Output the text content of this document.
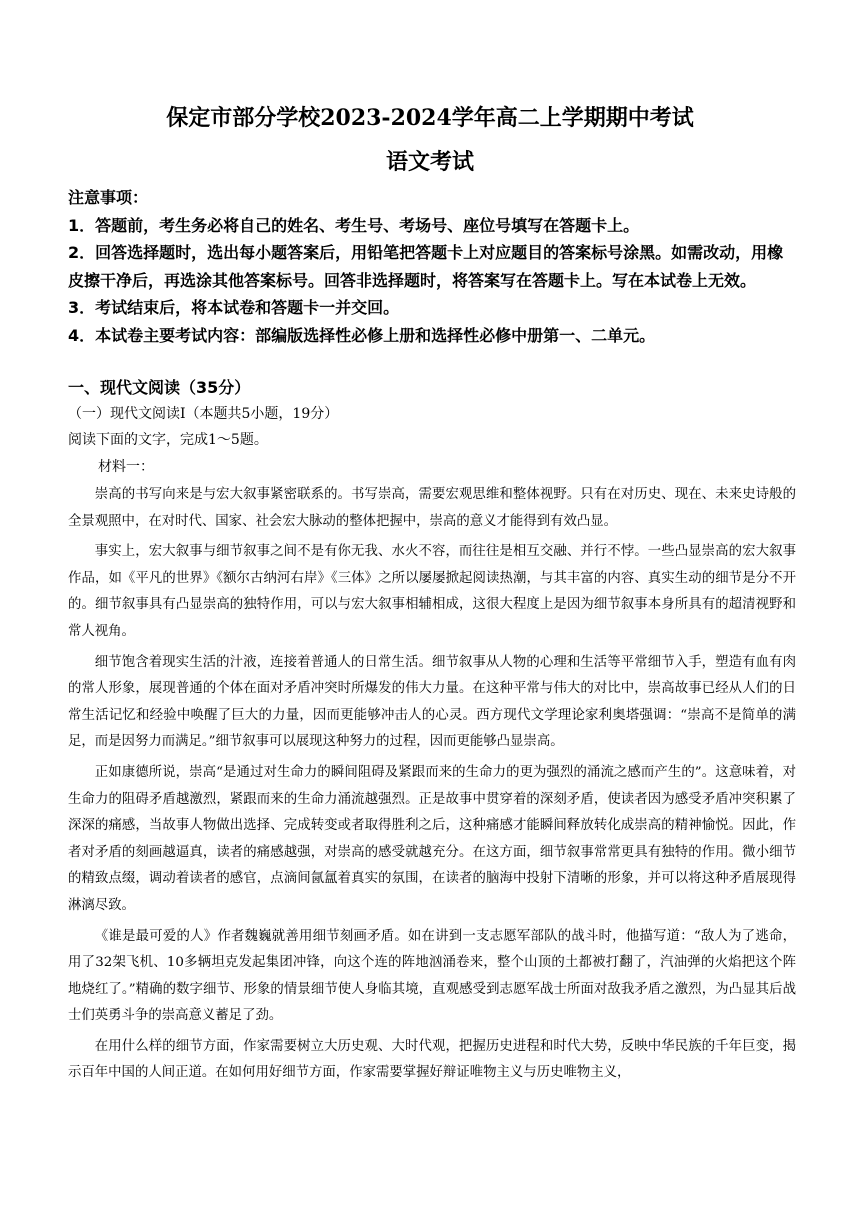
保定市部分学校2023-2024学年高二上学期期中考试
语文考试

注意事项：

1．答题前，考生务必将自己的姓名、考生号、考场号、座位号填写在答题卡上。

2．回答选择题时，选出每小题答案后，用铅笔把答题卡上对应题目的答案标号涂黑。如需改动，用橡皮擦干净后，再选涂其他答案标号。回答非选择题时，将答案写在答题卡上。写在本试卷上无效。

3．考试结束后，将本试卷和答题卡一并交回。

4．本试卷主要考试内容：部编版选择性必修上册和选择性必修中册第一、二单元。

一、现代文阅读（35分）

（一）现代文阅读I（本题共5小题，19分）

阅读下面的文字，完成1～5题。

材料一：

崇高的书写向来是与宏大叙事紧密联系的。书写崇高，需要宏观思维和整体视野。只有在对历史、现在、未来史诗般的全景观照中，在对时代、国家、社会宏大脉动的整体把握中，崇高的意义才能得到有效凸显。

事实上，宏大叙事与细节叙事之间不是有你无我、水火不容，而往往是相互交融、并行不悖。一些凸显崇高的宏大叙事作品，如《平凡的世界》《额尔古纳河右岸》《三体》之所以屡屡掀起阅读热潮，与其丰富的内容、真实生动的细节是分不开的。细节叙事具有凸显崇高的独特作用，可以与宏大叙事相辅相成，这很大程度上是因为细节叙事本身所具有的超清视野和常人视角。

细节饱含着现实生活的汁液，连接着普通人的日常生活。细节叙事从人物的心理和生活等平常细节入手，塑造有血有肉的常人形象，展现普通的个体在面对矛盾冲突时所爆发的伟大力量。在这种平常与伟大的对比中，崇高故事已经从人们的日常生活记忆和经验中唤醒了巨大的力量，因而更能够冲击人的心灵。西方现代文学理论家利奥塔强调：“崇高不是简单的满足，而是因努力而满足。”细节叙事可以展现这种努力的过程，因而更能够凸显崇高。

正如康德所说，崇高“是通过对生命力的瞬间阻碍及紧跟而来的生命力的更为强烈的涌流之感而产生的”。这意味着，对生命力的阻碍矛盾越激烈，紧跟而来的生命力涌流越强烈。正是故事中贯穿着的深刻矛盾，使读者因为感受矛盾冲突积累了深深的痛感，当故事人物做出选择、完成转变或者取得胜利之后，这种痛感才能瞬间释放转化成崇高的精神愉悦。因此，作者对矛盾的刻画越逼真，读者的痛感越强，对崇高的感受就越充分。在这方面，细节叙事常常更具有独特的作用。微小细节的精致点缀，调动着读者的感官，点滴间氤氲着真实的氛围，在读者的脑海中投射下清晰的形象，并可以将这种矛盾展现得淋漓尽致。

《谁是最可爱的人》作者魏巍就善用细节刻画矛盾。如在讲到一支志愿军部队的战斗时，他描写道：“敌人为了逃命，用了32架飞机、10多辆坦克发起集团冲锋，向这个连的阵地汹涌卷来，整个山顶的土都被打翻了，汽油弹的火焰把这个阵地烧红了。”精确的数字细节、形象的情景细节使人身临其境，直观感受到志愿军战士所面对敌我矛盾之激烈，为凸显其后战士们英勇斗争的崇高意义蓄足了劲。

在用什么样的细节方面，作家需要树立大历史观、大时代观，把握历史进程和时代大势，反映中华民族的千年巨变，揭示百年中国的人间正道。在如何用好细节方面，作家需要掌握好辩证唯物主义与历史唯物主义，
